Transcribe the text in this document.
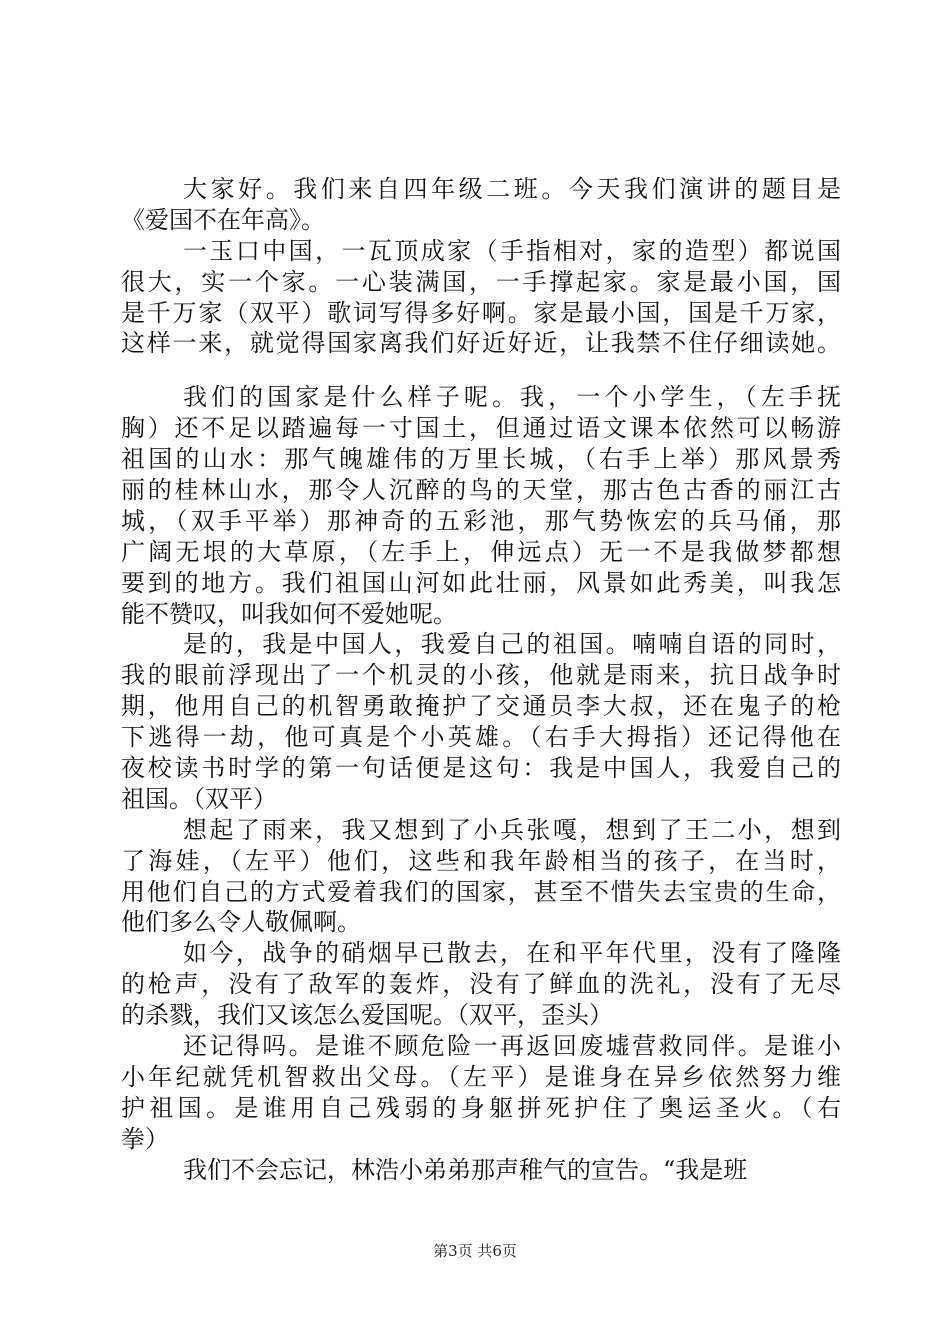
大家好。我们来自四年级二班。今天我们演讲的题目是
《爱国不在年高》。
一玉口中国，一瓦顶成家（手指相对，家的造型）都说国
很大，实一个家。一心装满国，一手撑起家。家是最小国，国
是千万家（双平）歌词写得多好啊。家是最小国，国是千万家，
这样一来，就觉得国家离我们好近好近，让我禁不住仔细读她。
我们的国家是什么样子呢。我，一个小学生，（左手抚
胸）还不足以踏遍每一寸国土，但通过语文课本依然可以畅游
祖国的山水：那气魄雄伟的万里长城，（右手上举）那风景秀
丽的桂林山水，那令人沉醉的鸟的天堂，那古色古香的丽江古
城，（双手平举）那神奇的五彩池，那气势恢宏的兵马俑，那
广阔无垠的大草原，（左手上，伸远点）无一不是我做梦都想
要到的地方。我们祖国山河如此壮丽，风景如此秀美，叫我怎
能不赞叹，叫我如何不爱她呢。
是的，我是中国人，我爱自己的祖国。喃喃自语的同时，
我的眼前浮现出了一个机灵的小孩，他就是雨来，抗日战争时
期，他用自己的机智勇敢掩护了交通员李大叔，还在鬼子的枪
下逃得一劫，他可真是个小英雄。（右手大拇指）还记得他在
夜校读书时学的第一句话便是这句：我是中国人，我爱自己的
祖国。（双平）
想起了雨来，我又想到了小兵张嘎，想到了王二小，想到
了海娃，（左平）他们，这些和我年龄相当的孩子，在当时，
用他们自己的方式爱着我们的国家，甚至不惜失去宝贵的生命，
他们多么令人敬佩啊。
如今，战争的硝烟早已散去，在和平年代里，没有了隆隆
的枪声，没有了敌军的轰炸，没有了鲜血的洗礼，没有了无尽
的杀戮，我们又该怎么爱国呢。（双平，歪头）
还记得吗。是谁不顾危险一再返回废墟营救同伴。是谁小
小年纪就凭机智救出父母。（左平）是谁身在异乡依然努力维
护祖国。是谁用自己残弱的身躯拼死护住了奥运圣火。（右
拳）
我们不会忘记，林浩小弟弟那声稚气的宣告。“我是班
第3页 共6页
